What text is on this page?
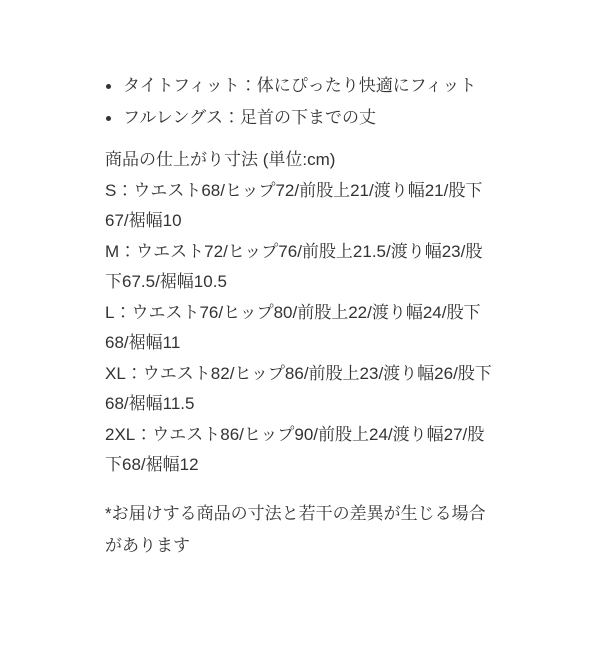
タイトフィット：体にぴったり快適にフィット
フルレングス：足首の下までの丈
商品の仕上がり寸法 (単位:cm)
S：ウエスト68/ヒップ72/前股上21/渡り幅21/股下
67/裾幅10
M：ウエスト72/ヒップ76/前股上21.5/渡り幅23/股
下67.5/裾幅10.5
L：ウエスト76/ヒップ80/前股上22/渡り幅24/股下
68/裾幅11
XL：ウエスト82/ヒップ86/前股上23/渡り幅26/股下
68/裾幅11.5
2XL：ウエスト86/ヒップ90/前股上24/渡り幅27/股
下68/裾幅12
*お届けする商品の寸法と若干の差異が生じる場合
があります
